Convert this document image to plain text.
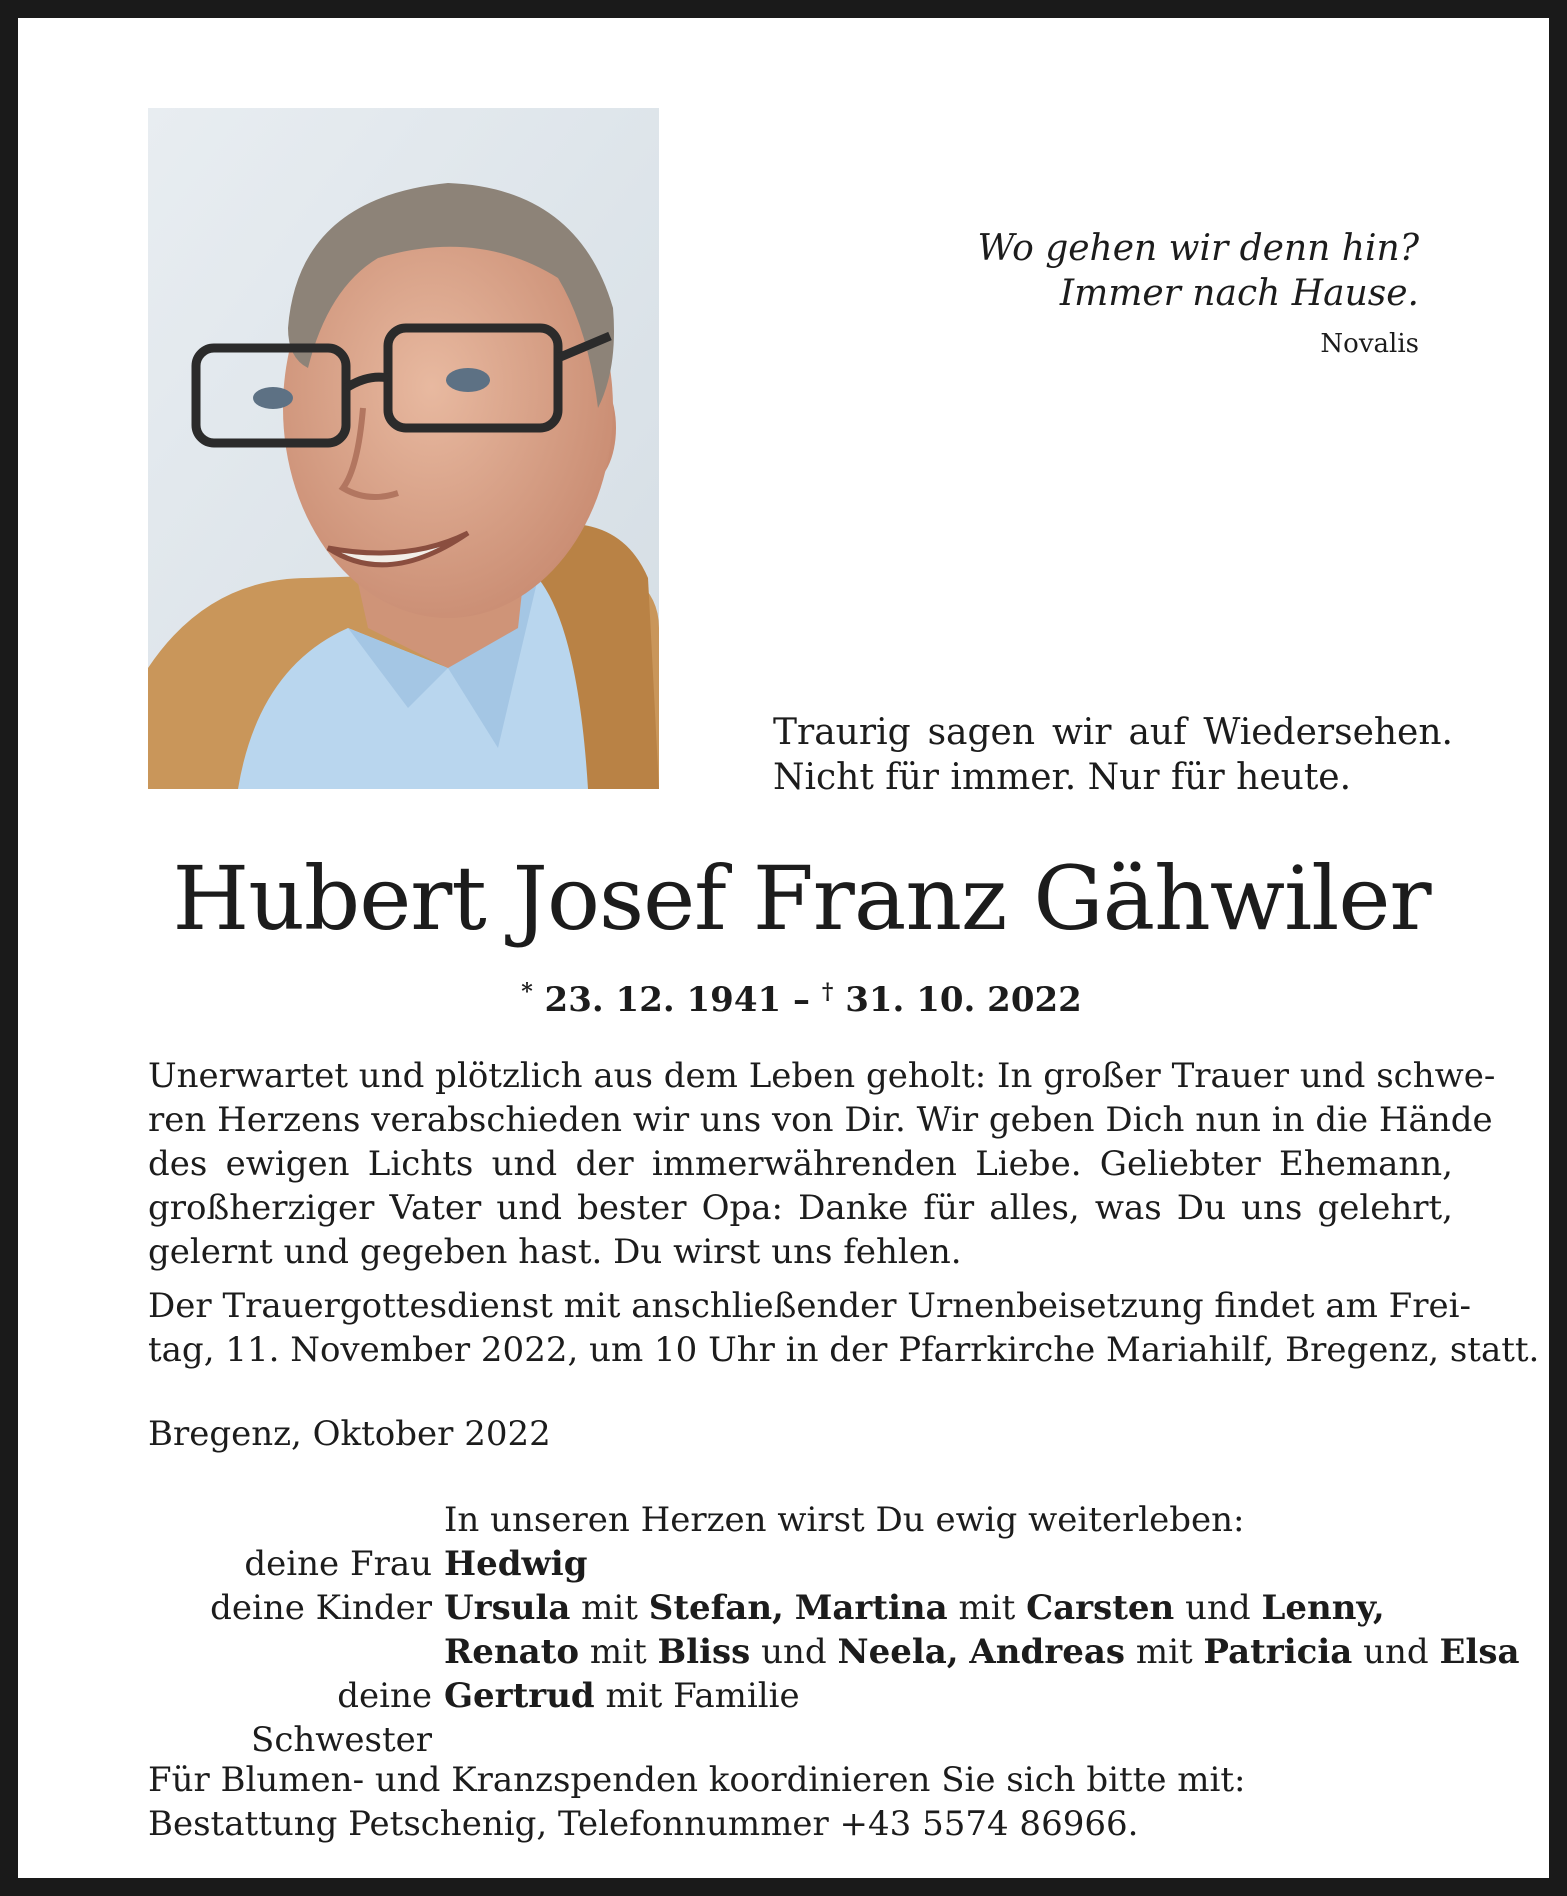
Wo gehen wir denn hin?
Immer nach Hause.
Novalis
Traurig sagen wir auf Wiedersehen.
Nicht für immer. Nur für heute.
Hubert Josef Franz Gähwiler
* 23. 12. 1941 – † 31. 10. 2022
Unerwartet und plötzlich aus dem Leben geholt: In großer Trauer und schwe-
ren Herzens verabschieden wir uns von Dir. Wir geben Dich nun in die Hände
des ewigen Lichts und der immerwährenden Liebe. Geliebter Ehemann,
großherziger Vater und bester Opa: Danke für alles, was Du uns gelehrt,
gelernt und gegeben hast. Du wirst uns fehlen.
Der Trauergottesdienst mit anschließender Urnenbeisetzung findet am Frei-
tag, 11. November 2022, um 10 Uhr in der Pfarrkirche Mariahilf, Bregenz, statt.
Bregenz, Oktober 2022
In unseren Herzen wirst Du ewig weiterleben:
deine Frau Hedwig
deine Kinder Ursula mit Stefan, Martina mit Carsten und Lenny,
Renato mit Bliss und Neela, Andreas mit Patricia und Elsa
deine Schwester
Gertrud mit Familie
Für Blumen- und Kranzspenden koordinieren Sie sich bitte mit:
Bestattung Petschenig, Telefonnummer +43 5574 86966.
